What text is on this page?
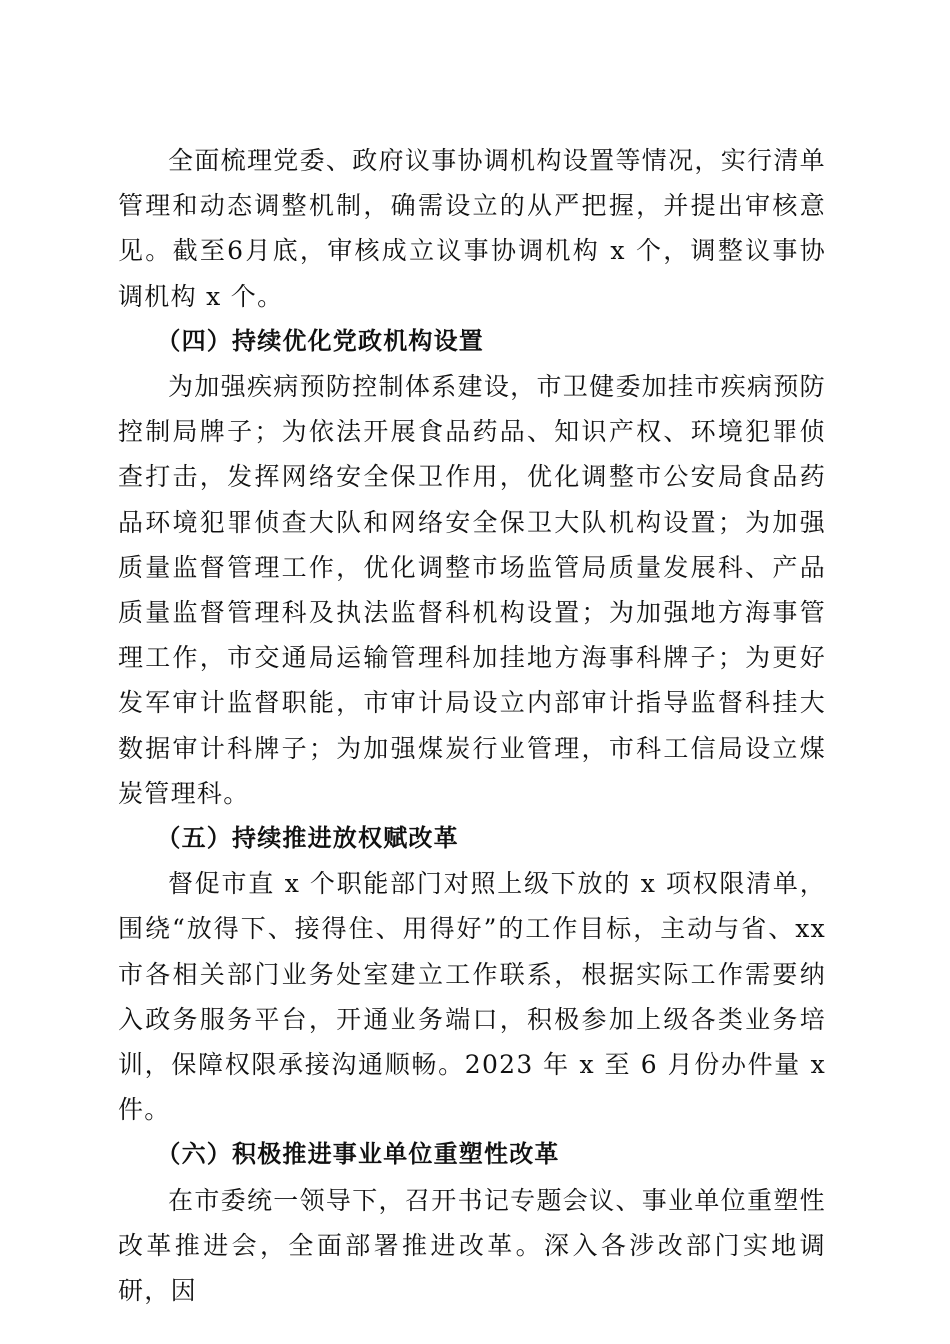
全面梳理党委、政府议事协调机构设置等情况，实行清单管理和动态调整机制，确需设立的从严把握，并提出审核意见。截至6月底，审核成立议事协调机构 x 个，调整议事协调机构 x 个。

（四）持续优化党政机构设置

为加强疾病预防控制体系建设，市卫健委加挂市疾病预防控制局牌子；为依法开展食品药品、知识产权、环境犯罪侦查打击，发挥网络安全保卫作用，优化调整市公安局食品药品环境犯罪侦查大队和网络安全保卫大队机构设置；为加强质量监督管理工作，优化调整市场监管局质量发展科、产品质量监督管理科及执法监督科机构设置；为加强地方海事管理工作，市交通局运输管理科加挂地方海事科牌子；为更好发军审计监督职能，市审计局设立内部审计指导监督科挂大数据审计科牌子；为加强煤炭行业管理，市科工信局设立煤炭管理科。

（五）持续推进放权赋改革

督促市直 x 个职能部门对照上级下放的 x 项权限清单，围绕“放得下、接得住、用得好”的工作目标，主动与省、xx 市各相关部门业务处室建立工作联系，根据实际工作需要纳入政务服务平台，开通业务端口，积极参加上级各类业务培训，保障权限承接沟通顺畅。2023 年 x 至 6 月份办件量 x 件。

（六）积极推进事业单位重塑性改革

在市委统一领导下，召开书记专题会议、事业单位重塑性改革推进会，全面部署推进改革。深入各涉改部门实地调研，因
